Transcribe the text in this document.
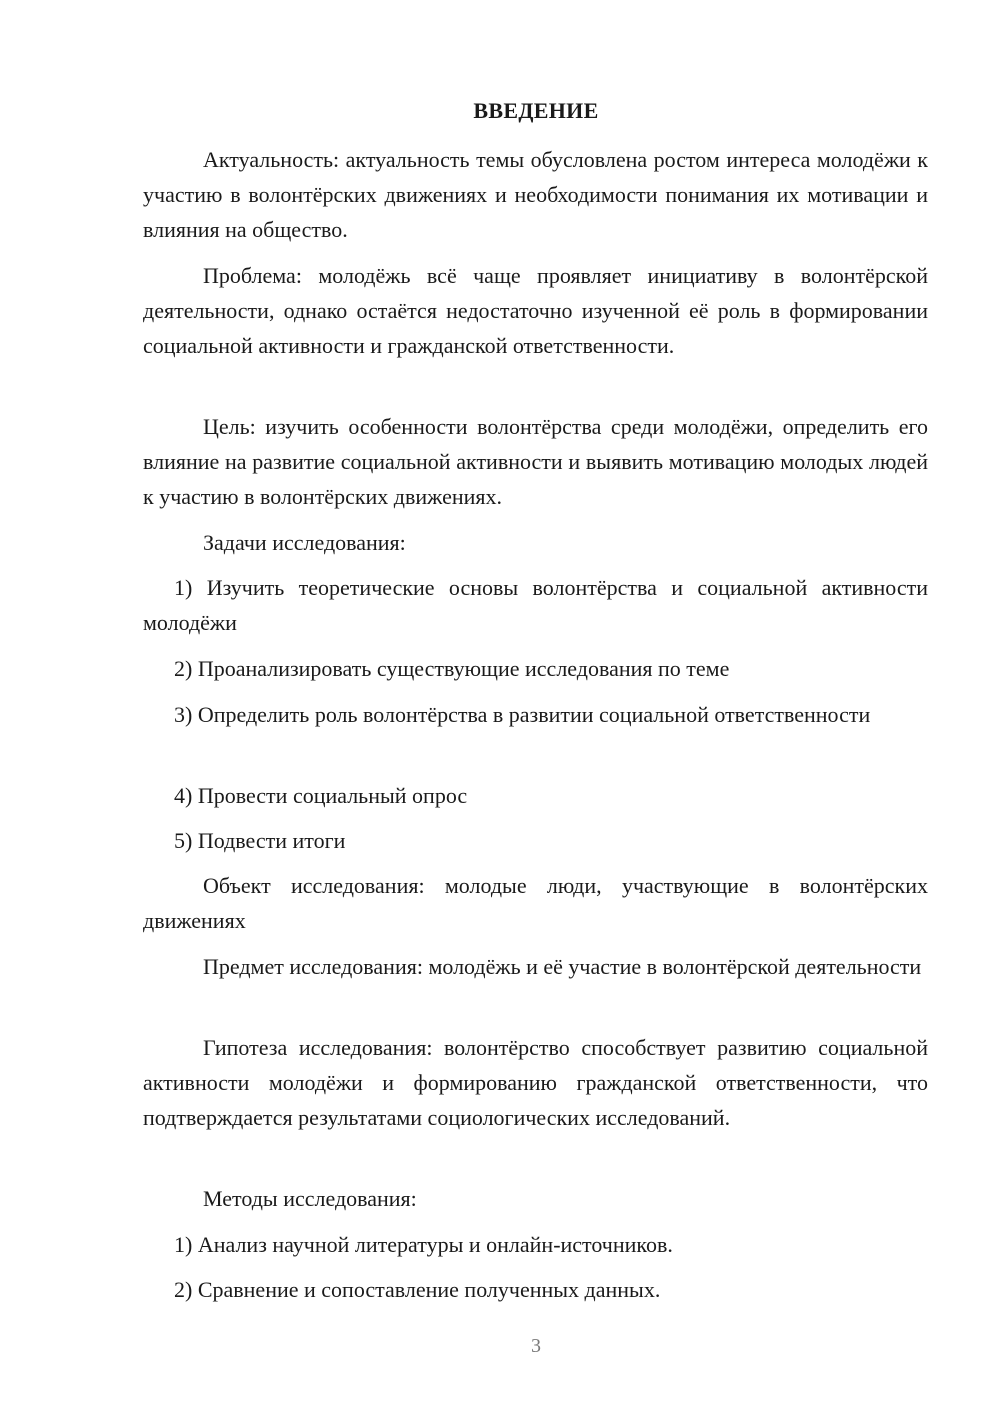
ВВЕДЕНИЕ
Актуальность: актуальность темы обусловлена ростом интереса молодёжи к участию в волонтёрских движениях и необходимости понимания их мотивации и влияния на общество.
Проблема: молодёжь всё чаще проявляет инициативу в волонтёрской деятельности, однако остаётся недостаточно изученной её роль в формировании социальной активности и гражданской ответственности.
Цель: изучить особенности волонтёрства среди молодёжи, определить его влияние на развитие социальной активности и выявить мотивацию молодых людей к участию в волонтёрских движениях.
Задачи исследования:
1) Изучить теоретические основы волонтёрства и социальной активности молодёжи
2) Проанализировать существующие исследования по теме
3) Определить роль волонтёрства в развитии социальной ответственности
4) Провести социальный опрос
5) Подвести итоги
Объект исследования: молодые люди, участвующие в волонтёрских движениях
Предмет исследования: молодёжь и её участие в волонтёрской деятельности
Гипотеза исследования: волонтёрство способствует развитию социальной активности молодёжи и формированию гражданской ответственности, что подтверждается результатами социологических исследований.
Методы исследования:
1) Анализ научной литературы и онлайн-источников.
2) Сравнение и сопоставление полученных данных.
3
